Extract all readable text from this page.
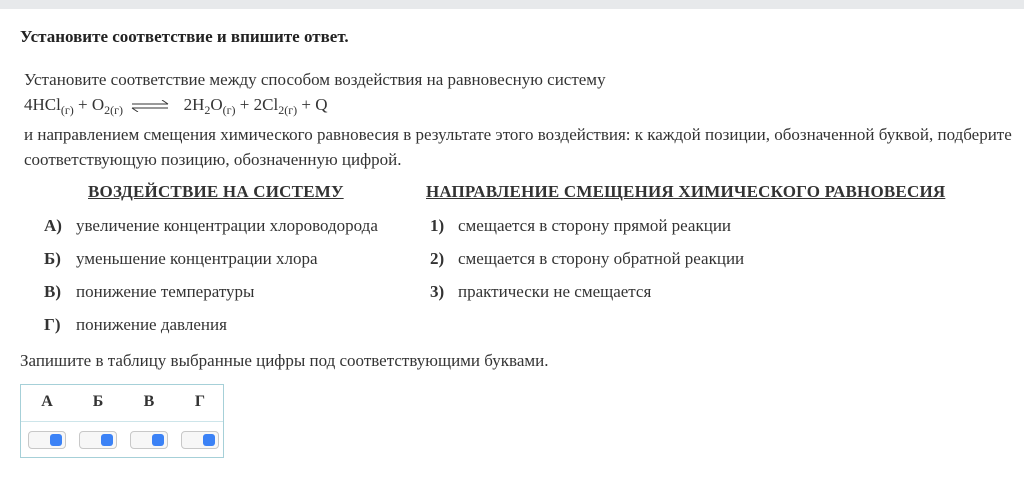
Установите соответствие и впишите ответ.
Установите соответствие между способом воздействия на равновесную систему
$4HCl_{(г)} + O_{2(г)}$ ⇌ $2H_2O_{(г)} + 2Cl_{2(г)} + Q$
и направлением смещения химического равновесия в результате этого воздействия: к каждой позиции, обозначенной буквой, подберите соответствующую позицию, обозначенную цифрой.
ВОЗДЕЙСТВИЕ НА СИСТЕМУ	НАПРАВЛЕНИЕ СМЕЩЕНИЯ ХИМИЧЕСКОГО РАВНОВЕСИЯ
А) увеличение концентрации хлороводорода
Б) уменьшение концентрации хлора
В) понижение температуры
Г) понижение давления
1) смещается в сторону прямой реакции
2) смещается в сторону обратной реакции
3) практически не смещается
Запишите в таблицу выбранные цифры под соответствующими буквами.
А	Б	В	Г
